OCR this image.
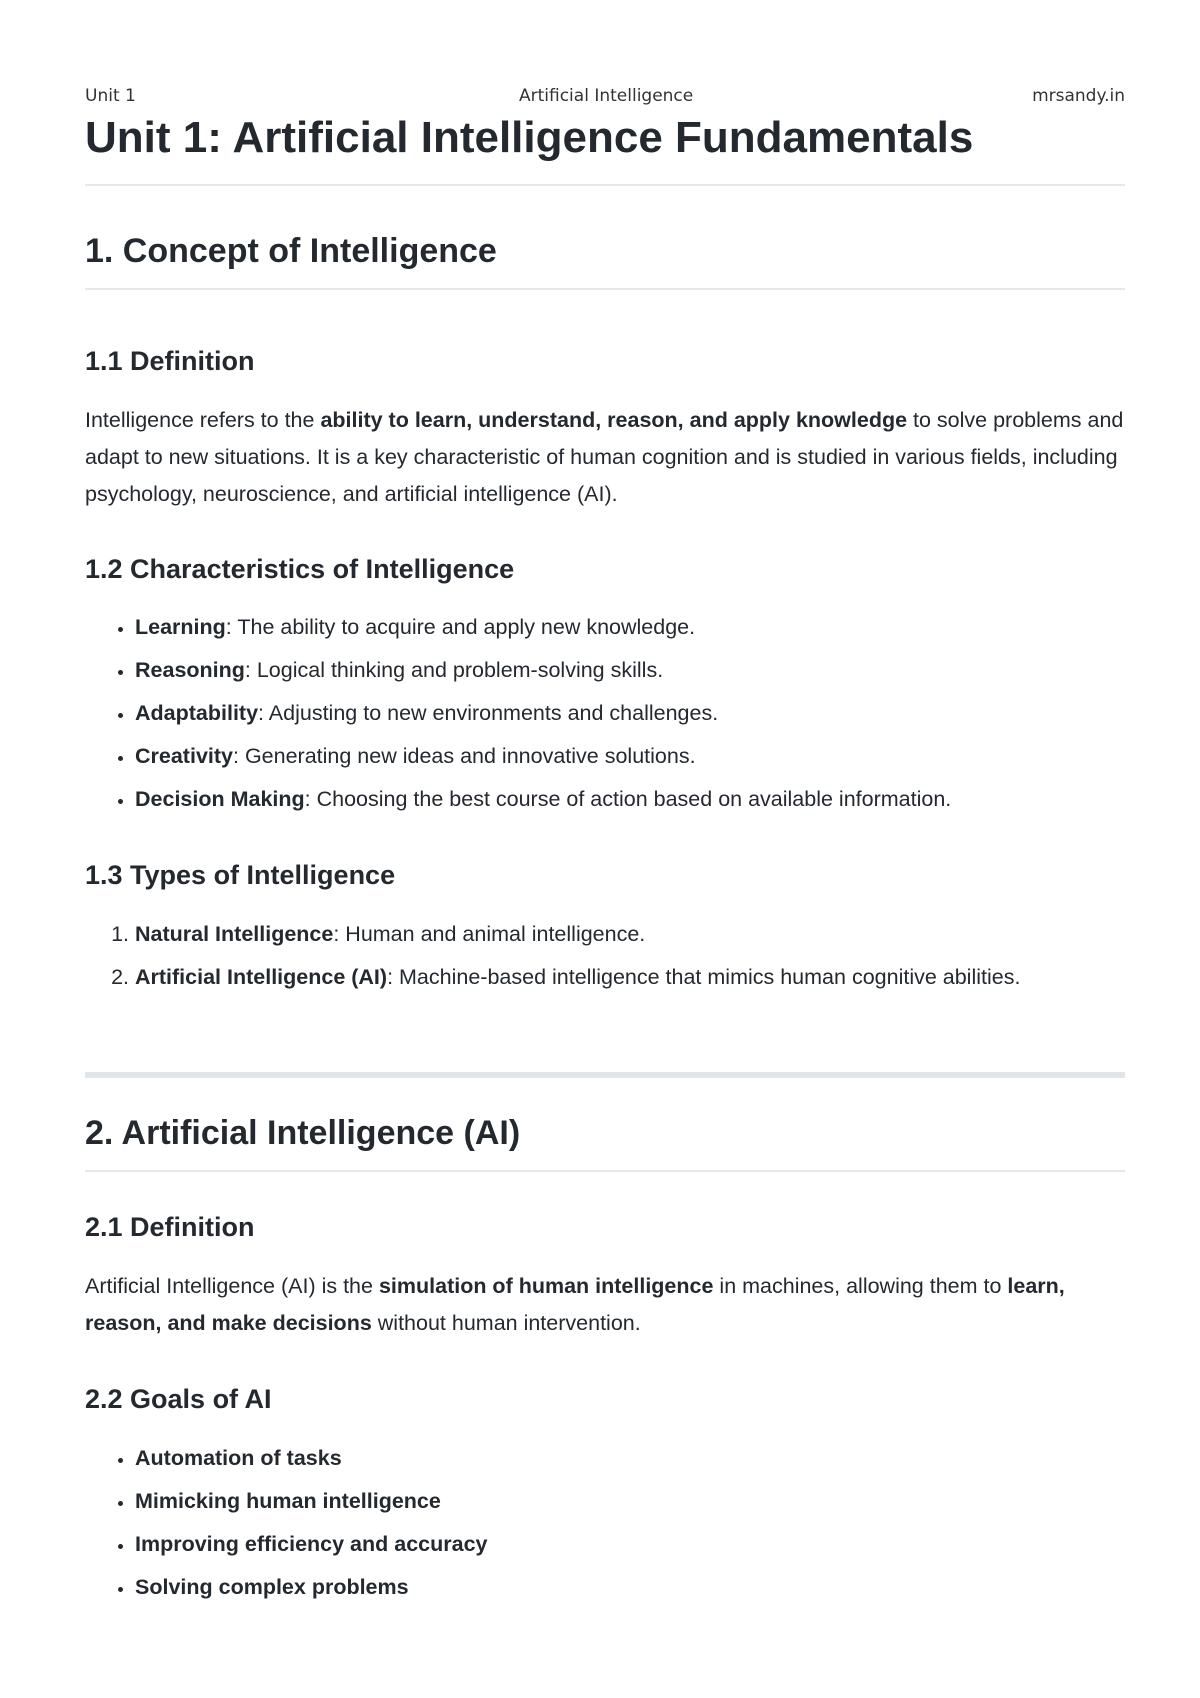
Unit 1	Artificial Intelligence	mrsandy.in
Unit 1: Artificial Intelligence Fundamentals
1. Concept of Intelligence
1.1 Definition

Intelligence refers to the ability to learn, understand, reason, and apply knowledge to solve problems and adapt to new situations. It is a key characteristic of human cognition and is studied in various fields, including psychology, neuroscience, and artificial intelligence (AI).

1.2 Characteristics of Intelligence
• Learning: The ability to acquire and apply new knowledge.
• Reasoning: Logical thinking and problem-solving skills.
• Adaptability: Adjusting to new environments and challenges.
• Creativity: Generating new ideas and innovative solutions.
• Decision Making: Choosing the best course of action based on available information.
1.3 Types of Intelligence
1. Natural Intelligence: Human and animal intelligence.
2. Artificial Intelligence (AI): Machine-based intelligence that mimics human cognitive abilities.
2. Artificial Intelligence (AI)
2.1 Definition

Artificial Intelligence (AI) is the simulation of human intelligence in machines, allowing them to learn, reason, and make decisions without human intervention.

2.2 Goals of AI
• Automation of tasks
• Mimicking human intelligence
• Improving efficiency and accuracy
• Solving complex problems
